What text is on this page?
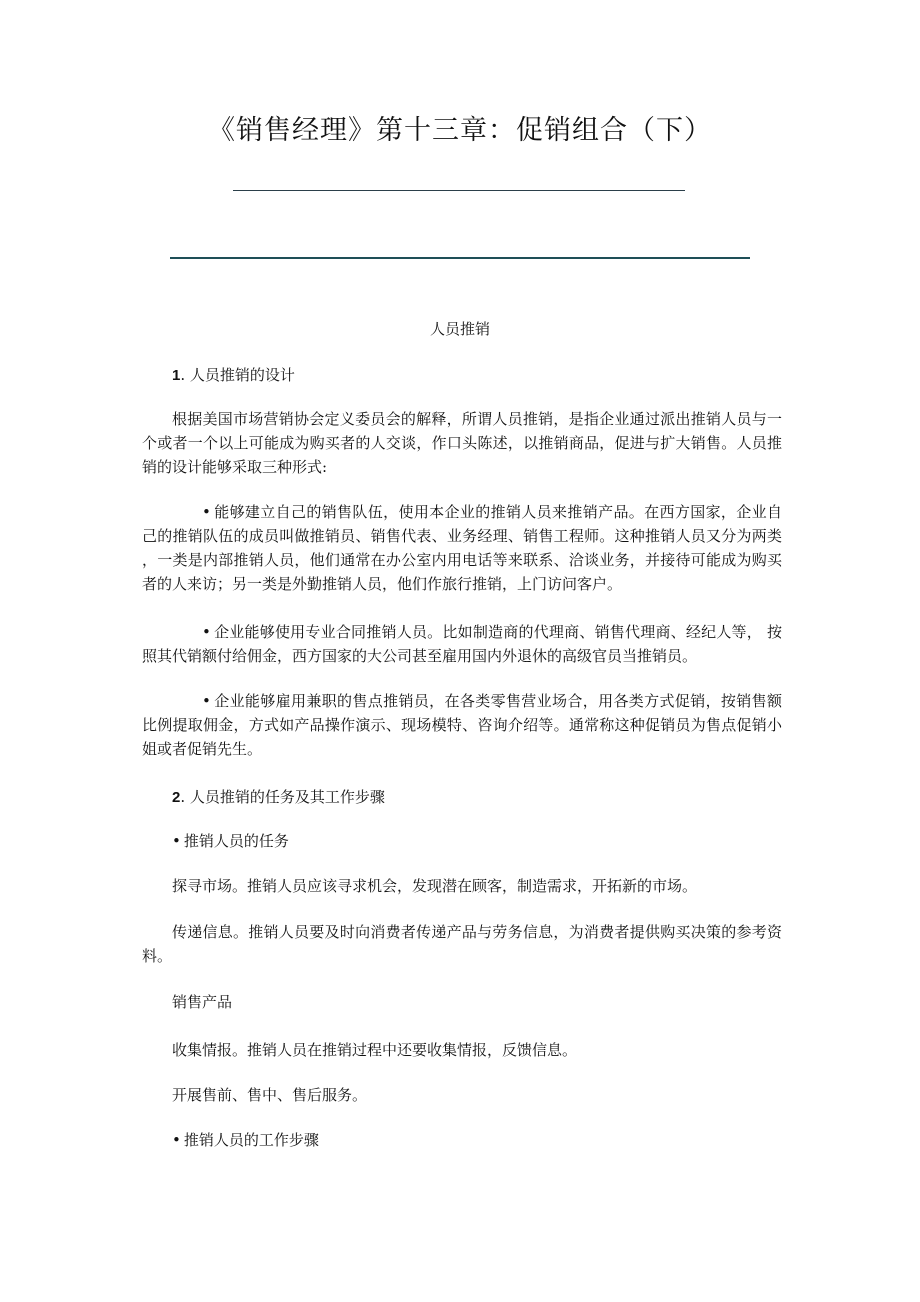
《销售经理》第十三章：促销组合（下）
人员推销
1. 人员推销的设计
根据美国市场营销协会定义委员会的解释，所谓人员推销，是指企业通过派出推销人员与一个或者一个以上可能成为购买者的人交谈，作口头陈述，以推销商品，促进与扩大销售。人员推销的设计能够采取三种形式:
• 能够建立自己的销售队伍，使用本企业的推销人员来推销产品。在西方国家，企业自己的推销队伍的成员叫做推销员、销售代表、业务经理、销售工程师。这种推销人员又分为两类 ，一类是内部推销人员，他们通常在办公室内用电话等来联系、洽谈业务，并接待可能成为购买者的人来访；另一类是外勤推销人员，他们作旅行推销，上门访问客户。
• 企业能够使用专业合同推销人员。比如制造商的代理商、销售代理商、经纪人等， 按照其代销额付给佣金，西方国家的大公司甚至雇用国内外退休的高级官员当推销员。
• 企业能够雇用兼职的售点推销员，在各类零售营业场合，用各类方式促销，按销售额比例提取佣金，方式如产品操作演示、现场模特、咨询介绍等。通常称这种促销员为售点促销小姐或者促销先生。
2. 人员推销的任务及其工作步骤
• 推销人员的任务
探寻市场。推销人员应该寻求机会，发现潜在顾客，制造需求，开拓新的市场。
传递信息。推销人员要及时向消费者传递产品与劳务信息，为消费者提供购买决策的参考资料。
销售产品
收集情报。推销人员在推销过程中还要收集情报，反馈信息。
开展售前、售中、售后服务。
• 推销人员的工作步骤
